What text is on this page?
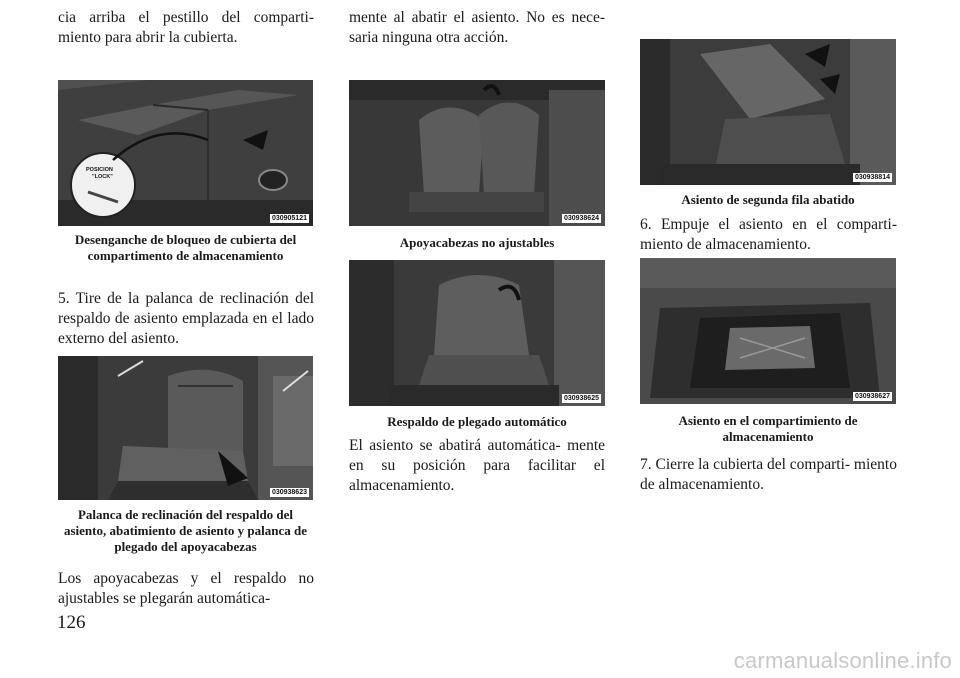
cia arriba el pestillo del comparti- miento para abrir la cubierta.

POSICION
"LOCK"
030905121

Desenganche de bloqueo de cubierta del compartimento de almacenamiento

5. Tire de la palanca de reclinación del respaldo de asiento emplazada en el lado externo del asiento.

030938623

Palanca de reclinación del respaldo del asiento, abatimiento de asiento y palanca de plegado del apoyacabezas

Los apoyacabezas y el respaldo no ajustables se plegarán automática-

mente al abatir el asiento. No es nece- saria ninguna otra acción.

030938624

Apoyacabezas no ajustables

030938625

Respaldo de plegado automático

El asiento se abatirá automática- mente en su posición para facilitar el almacenamiento.

030938814

Asiento de segunda fila abatido

6. Empuje el asiento en el comparti- miento de almacenamiento.

030938627

Asiento en el compartimiento de almacenamiento

7. Cierre la cubierta del comparti- miento de almacenamiento.

126
carmanualsonline.info
